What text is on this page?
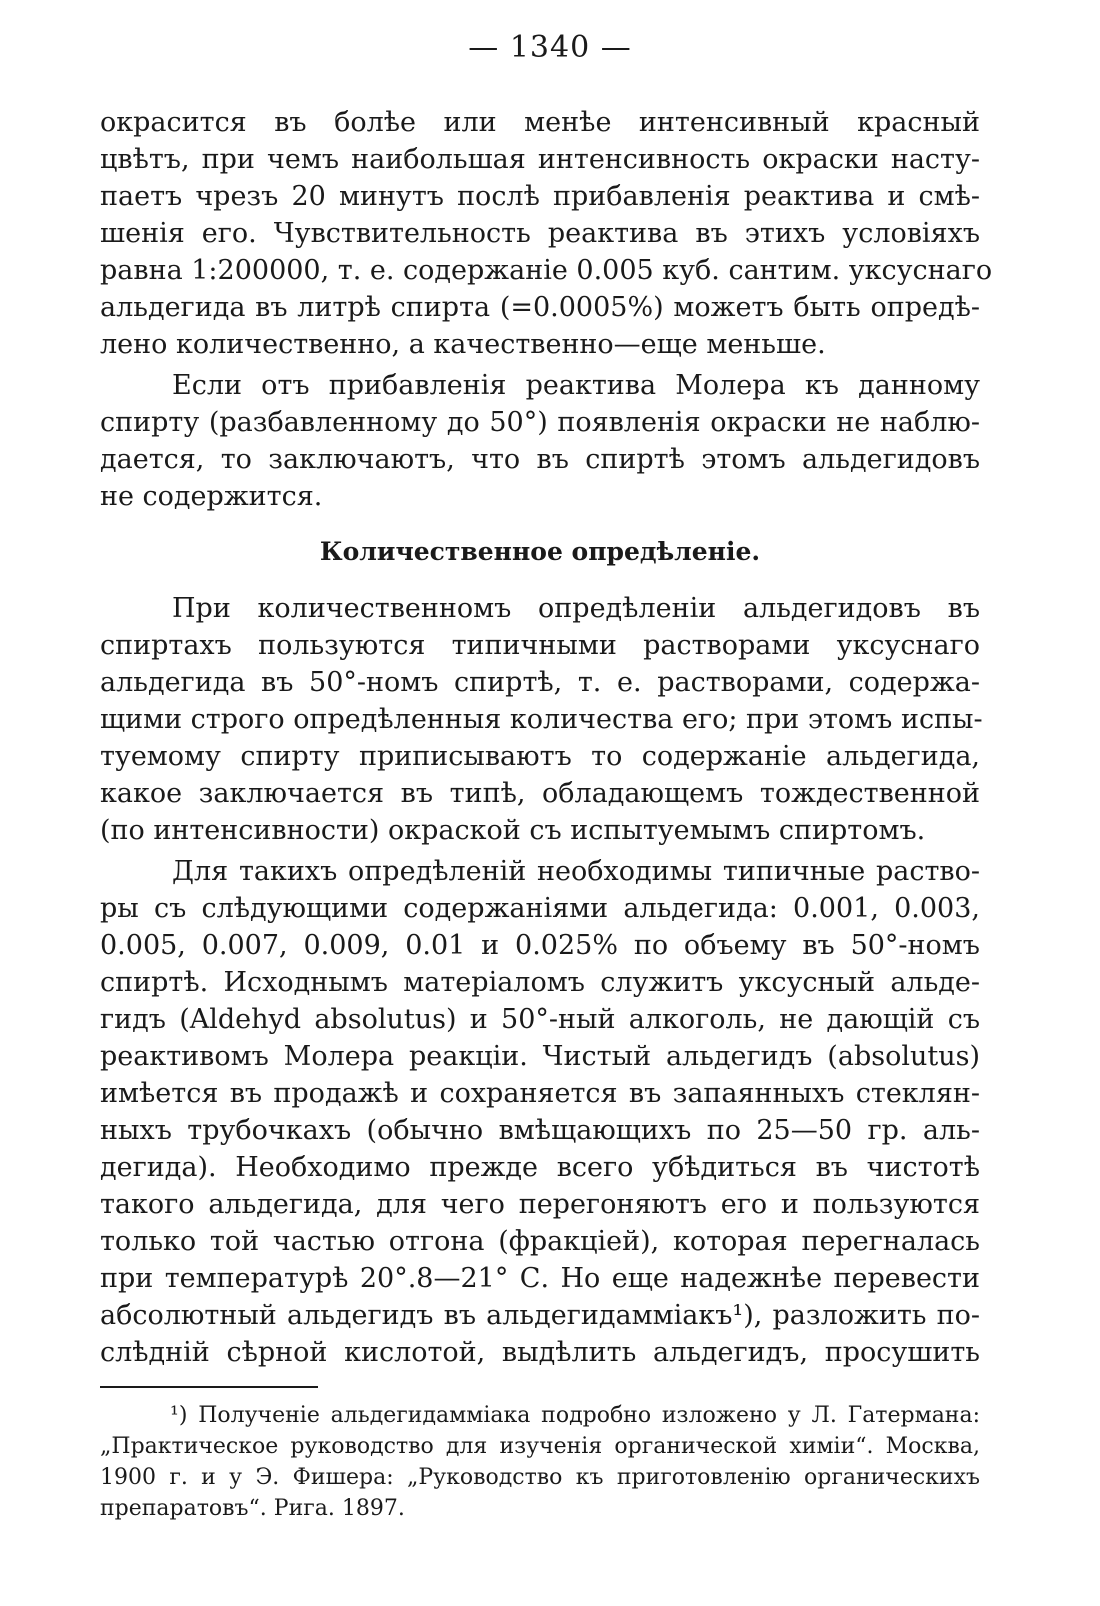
— 1340 —
окрасится въ болѣе или менѣе интенсивный красный
цвѣтъ, при чемъ наибольшая интенсивность окраски насту-
паетъ чрезъ 20 минутъ послѣ прибавленія реактива и смѣ-
шенія его. Чувствительность реактива въ этихъ условіяхъ
равна 1:200000, т. е. содержаніе 0.005 куб. сантим. уксуснаго
альдегида въ литрѣ спирта (=0.0005%) можетъ быть опредѣ-
лено количественно, а качественно—еще меньше.
Если отъ прибавленія реактива Молера къ данному
спирту (разбавленному до 50°) появленія окраски не наблю-
дается, то заключаютъ, что въ спиртѣ этомъ альдегидовъ
не содержится.
Количественное опредѣленіе.
При количественномъ опредѣленіи альдегидовъ въ
спиртахъ пользуются типичными растворами уксуснаго
альдегида въ 50°-номъ спиртѣ, т. е. растворами, содержа-
щими строго опредѣленныя количества его; при этомъ испы-
туемому спирту приписываютъ то содержаніе альдегида,
какое заключается въ типѣ, обладающемъ тождественной
(по интенсивности) окраской съ испытуемымъ спиртомъ.
Для такихъ опредѣленій необходимы типичные раство-
ры съ слѣдующими содержаніями альдегида: 0.001, 0.003,
0.005, 0.007, 0.009, 0.01 и 0.025% по объему въ 50°-номъ
спиртѣ. Исходнымъ матеріаломъ служитъ уксусный альде-
гидъ (Aldehyd absolutus) и 50°-ный алкоголь, не дающій съ
реактивомъ Молера реакціи. Чистый альдегидъ (absolutus)
имѣется въ продажѣ и сохраняется въ запаянныхъ стеклян-
ныхъ трубочкахъ (обычно вмѣщающихъ по 25—50 гр. аль-
дегида). Необходимо прежде всего убѣдиться въ чистотѣ
такого альдегида, для чего перегоняютъ его и пользуются
только той частью отгона (фракціей), которая перегналась
при температурѣ 20°.8—21° С. Но еще надежнѣе перевести
абсолютный альдегидъ въ альдегидамміакъ¹), разложить по-
слѣдній сѣрной кислотой, выдѣлить альдегидъ, просушить
¹) Полученіе альдегидамміака подробно изложено у Л. Гатермана:
„Практическое руководство для изученія органической химіи“. Москва,
1900 г. и у Э. Фишера: „Руководство къ приготовленію органическихъ
препаратовъ“. Рига. 1897.
